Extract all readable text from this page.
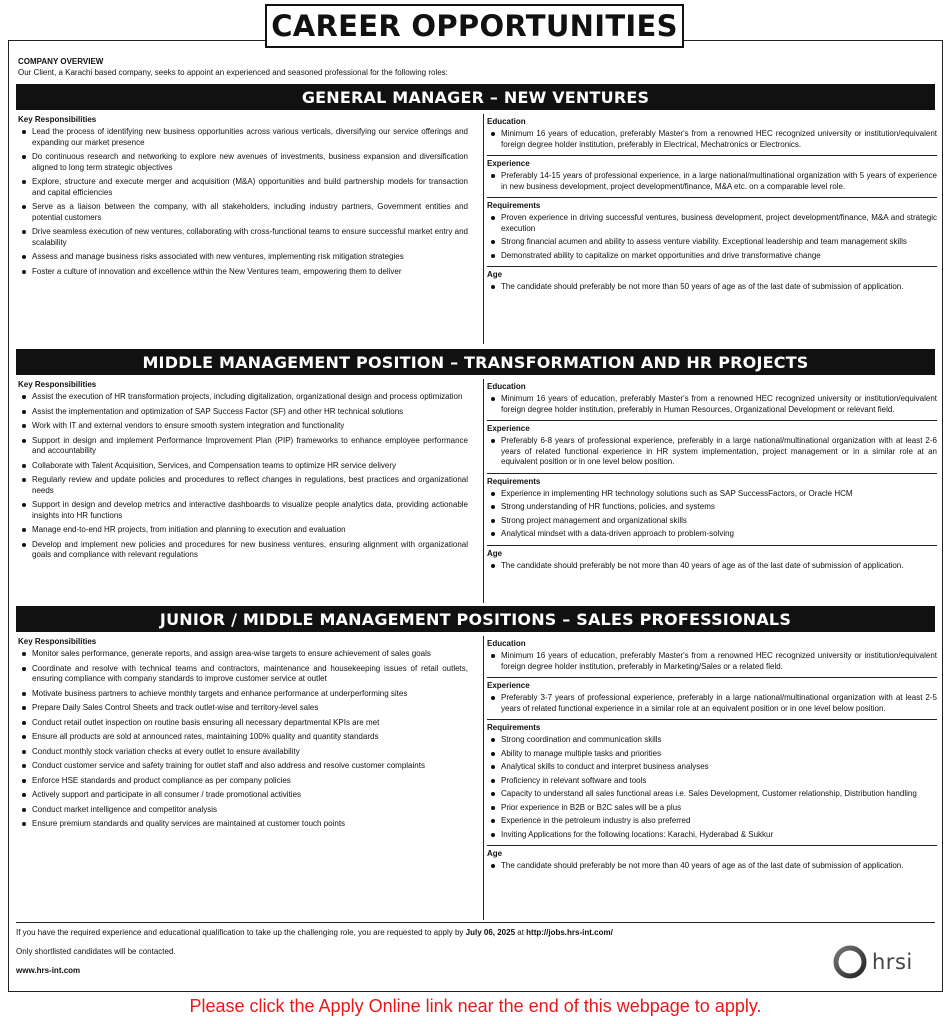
CAREER OPPORTUNITIES
COMPANY OVERVIEW
Our Client, a Karachi based company, seeks to appoint an experienced and seasoned professional for the following roles:
GENERAL MANAGER – NEW VENTURES
Key Responsibilities
Lead the process of identifying new business opportunities across various verticals, diversifying our service offerings and expanding our market presence
Do continuous research and networking to explore new avenues of investments, business expansion and diversification aligned to long term strategic objectives
Explore, structure and execute merger and acquisition (M&A) opportunities and build partnership models for transaction and capital efficiencies
Serve as a liaison between the company, with all stakeholders, including industry partners, Government entities and potential customers
Drive seamless execution of new ventures, collaborating with cross-functional teams to ensure successful market entry and scalability
Assess and manage business risks associated with new ventures, implementing risk mitigation strategies
Foster a culture of innovation and excellence within the New Ventures team, empowering them to deliver
Education
Minimum 16 years of education, preferably Master's from a renowned HEC recognized university or institution/equivalent foreign degree holder institution, preferably in Electrical, Mechatronics or Electronics.
Experience
Preferably 14-15 years of professional experience, in a large national/multinational organization with 5 years of experience in new business development, project development/finance, M&A etc. on a comparable level role.
Requirements
Proven experience in driving successful ventures, business development, project development/finance, M&A and strategic execution
Strong financial acumen and ability to assess venture viability. Exceptional leadership and team management skills
Demonstrated ability to capitalize on market opportunities and drive transformative change
Age
The candidate should preferably be not more than 50 years of age as of the last date of submission of application.
MIDDLE MANAGEMENT POSITION – TRANSFORMATION AND HR PROJECTS
Key Responsibilities
Assist the execution of HR transformation projects, including digitalization, organizational design and process optimization
Assist the implementation and optimization of SAP Success Factor (SF) and other HR technical solutions
Work with IT and external vendors to ensure smooth system integration and functionality
Support in design and implement Performance Improvement Plan (PIP) frameworks to enhance employee performance and accountability
Collaborate with Talent Acquisition, Services, and Compensation teams to optimize HR service delivery
Regularly review and update policies and procedures to reflect changes in regulations, best practices and organizational needs
Support in design and develop metrics and interactive dashboards to visualize people analytics data, providing actionable insights into HR functions
Manage end-to-end HR projects, from initiation and planning to execution and evaluation
Develop and implement new policies and procedures for new business ventures, ensuring alignment with organizational goals and compliance with relevant regulations
Education
Minimum 16 years of education, preferably Master's from a renowned HEC recognized university or institution/equivalent foreign degree holder institution, preferably in Human Resources, Organizational Development or relevant field.
Experience
Preferably 6-8 years of professional experience, preferably in a large national/multinational organization with at least 2-6 years of related functional experience in HR system implementation, project management or in a similar role at an equivalent position or in one level below position.
Requirements
Experience in implementing HR technology solutions such as SAP SuccessFactors, or Oracle HCM
Strong understanding of HR functions, policies, and systems
Strong project management and organizational skills
Analytical mindset with a data-driven approach to problem-solving
Age
The candidate should preferably be not more than 40 years of age as of the last date of submission of application.
JUNIOR / MIDDLE MANAGEMENT POSITIONS – SALES PROFESSIONALS
Key Responsibilities
Monitor sales performance, generate reports, and assign area-wise targets to ensure achievement of sales goals
Coordinate and resolve with technical teams and contractors, maintenance and housekeeping issues of retail outlets, ensuring compliance with company standards to improve customer service at outlet
Motivate business partners to achieve monthly targets and enhance performance at underperforming sites
Prepare Daily Sales Control Sheets and track outlet-wise and territory-level sales
Conduct retail outlet inspection on routine basis ensuring all necessary departmental KPIs are met
Ensure all products are sold at announced rates, maintaining 100% quality and quantity standards
Conduct monthly stock variation checks at every outlet to ensure availability
Conduct customer service and safety training for outlet staff and also address and resolve customer complaints
Enforce HSE standards and product compliance as per company policies
Actively support and participate in all consumer / trade promotional activities
Conduct market intelligence and competitor analysis
Ensure premium standards and quality services are maintained at customer touch points
Education
Minimum 16 years of education, preferably Master's from a renowned HEC recognized university or institution/equivalent foreign degree holder institution, preferably in Marketing/Sales or a related field.
Experience
Preferably 3-7 years of professional experience, preferably in a large national/multinational organization with at least 2-5 years of related functional experience in a similar role at an equivalent position or in one level below position.
Requirements
Strong coordination and communication skills
Ability to manage multiple tasks and priorities
Analytical skills to conduct and interpret business analyses
Proficiency in relevant software and tools
Capacity to understand all sales functional areas i.e. Sales Development, Customer relationship, Distribution handling
Prior experience in B2B or B2C sales will be a plus
Experience in the petroleum industry is also preferred
Inviting Applications for the following locations: Karachi, Hyderabad & Sukkur
Age
The candidate should preferably be not more than 40 years of age as of the last date of submission of application.
If you have the required experience and educational qualification to take up the challenging role, you are requested to apply by July 06, 2025 at http://jobs.hrs-int.com/
Only shortlisted candidates will be contacted.
www.hrs-int.com	hrsi
Please click the Apply Online link near the end of this webpage to apply.
